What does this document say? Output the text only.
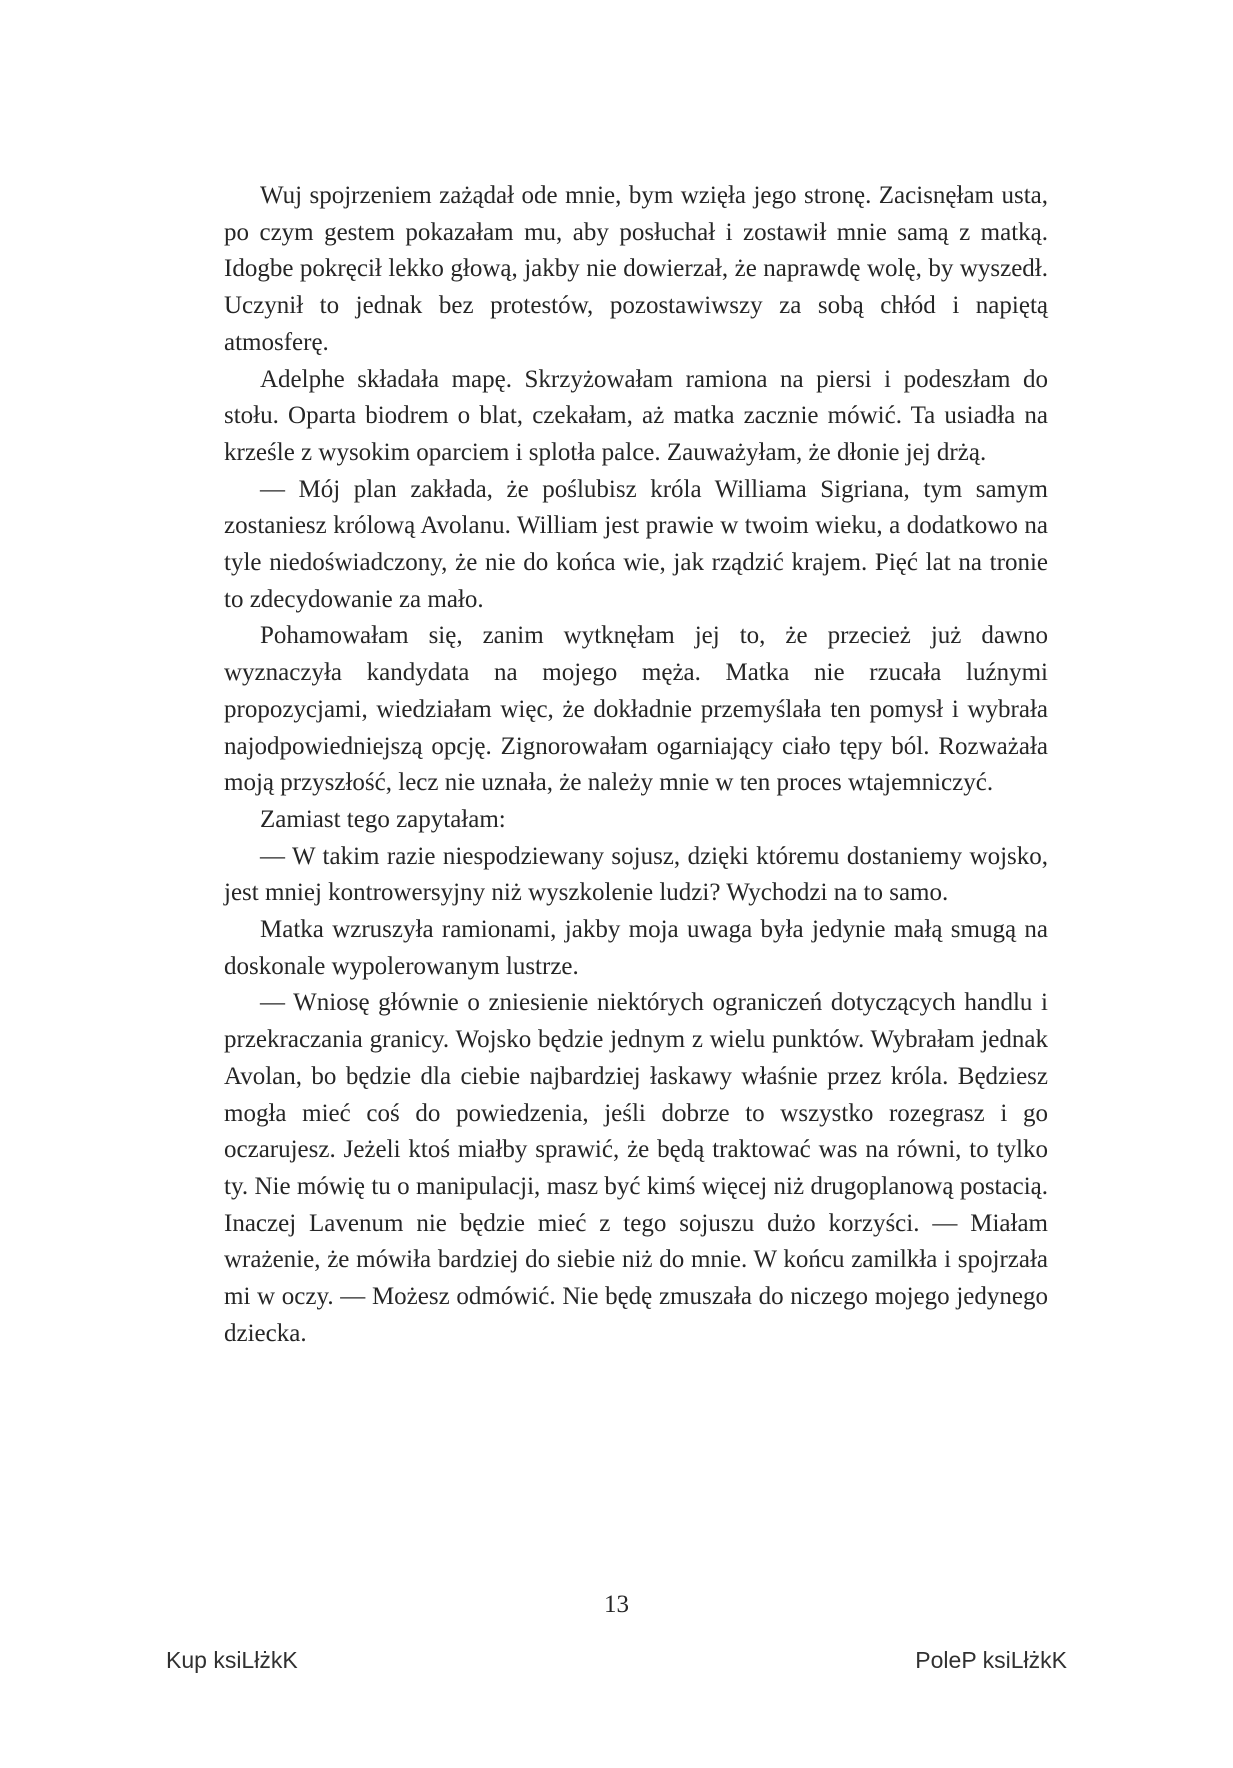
Wuj spojrzeniem zażądał ode mnie, bym wzięła jego stronę. Zacisnęłam usta, po czym gestem pokazałam mu, aby posłuchał i zostawił mnie samą z matką. Idogbe pokręcił lekko głową, jakby nie dowierzał, że naprawdę wolę, by wyszedł. Uczynił to jednak bez protestów, pozostawiwszy za sobą chłód i napiętą atmosferę.

Adelphe składała mapę. Skrzyżowałam ramiona na piersi i podeszłam do stołu. Oparta biodrem o blat, czekałam, aż matka zacznie mówić. Ta usiadła na krześle z wysokim oparciem i splotła palce. Zauważyłam, że dłonie jej drżą.

— Mój plan zakłada, że poślubisz króla Williama Sigriana, tym samym zostaniesz królową Avolanu. William jest prawie w twoim wieku, a dodatkowo na tyle niedoświadczony, że nie do końca wie, jak rządzić krajem. Pięć lat na tronie to zdecydowanie za mało.

Pohamowałam się, zanim wytknęłam jej to, że przecież już dawno wyznaczyła kandydata na mojego męża. Matka nie rzucała luźnymi propozycjami, wiedziałam więc, że dokładnie przemyślała ten pomysł i wybrała najodpowiedniejszą opcję. Zignorowałam ogarniający ciało tępy ból. Rozważała moją przyszłość, lecz nie uznała, że należy mnie w ten proces wtajemniczyć.

Zamiast tego zapytałam:

— W takim razie niespodziewany sojusz, dzięki któremu dostaniemy wojsko, jest mniej kontrowersyjny niż wyszkolenie ludzi? Wychodzi na to samo.

Matka wzruszyła ramionami, jakby moja uwaga była jedynie małą smugą na doskonale wypolerowanym lustrze.

— Wniosę głównie o zniesienie niektórych ograniczeń dotyczących handlu i przekraczania granicy. Wojsko będzie jednym z wielu punktów. Wybrałam jednak Avolan, bo będzie dla ciebie najbardziej łaskawy właśnie przez króla. Będziesz mogła mieć coś do powiedzenia, jeśli dobrze to wszystko rozegrasz i go oczarujesz. Jeżeli ktoś miałby sprawić, że będą traktować was na równi, to tylko ty. Nie mówię tu o manipulacji, masz być kimś więcej niż drugoplanową postacią. Inaczej Lavenum nie będzie mieć z tego sojuszu dużo korzyści. — Miałam wrażenie, że mówiła bardziej do siebie niż do mnie. W końcu zamilkła i spojrzała mi w oczy. — Możesz odmówić. Nie będę zmuszała do niczego mojego jedynego dziecka.

13
Kup ksiLłżkK	PoleP ksiLłżkK
